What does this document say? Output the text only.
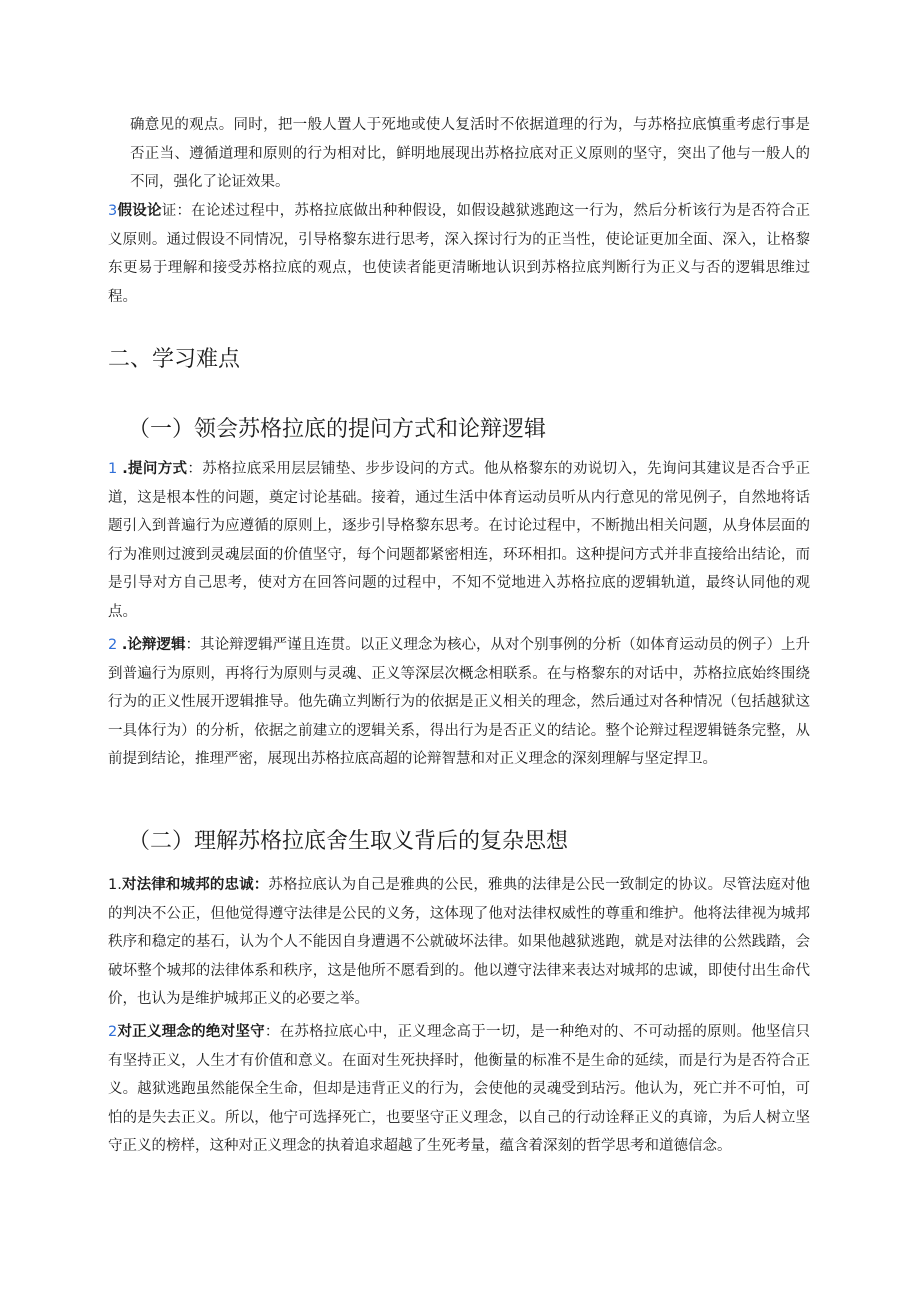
确意见的观点。同时，把一般人置人于死地或使人复活时不依据道理的行为，与苏格拉底慎重考虑行事是否正当、遵循道理和原则的行为相对比，鲜明地展现出苏格拉底对正义原则的坚守，突出了他与一般人的不同，强化了论证效果。

3假设论证：在论述过程中，苏格拉底做出种种假设，如假设越狱逃跑这一行为，然后分析该行为是否符合正义原则。通过假设不同情况，引导格黎东进行思考，深入探讨行为的正当性，使论证更加全面、深入，让格黎东更易于理解和接受苏格拉底的观点，也使读者能更清晰地认识到苏格拉底判断行为正义与否的逻辑思维过程。

二、学习难点
（一）领会苏格拉底的提问方式和论辩逻辑

1 .提问方式：苏格拉底采用层层铺垫、步步设问的方式。他从格黎东的劝说切入，先询问其建议是否合乎正道，这是根本性的问题，奠定讨论基础。接着，通过生活中体育运动员听从内行意见的常见例子，自然地将话题引入到普遍行为应遵循的原则上，逐步引导格黎东思考。在讨论过程中，不断抛出相关问题，从身体层面的行为准则过渡到灵魂层面的价值坚守，每个问题都紧密相连，环环相扣。这种提问方式并非直接给出结论，而是引导对方自己思考，使对方在回答问题的过程中，不知不觉地进入苏格拉底的逻辑轨道，最终认同他的观点。

2 .论辩逻辑：其论辩逻辑严谨且连贯。以正义理念为核心，从对个别事例的分析（如体育运动员的例子）上升到普遍行为原则，再将行为原则与灵魂、正义等深层次概念相联系。在与格黎东的对话中，苏格拉底始终围绕行为的正义性展开逻辑推导。他先确立判断行为的依据是正义相关的理念，然后通过对各种情况（包括越狱这一具体行为）的分析，依据之前建立的逻辑关系，得出行为是否正义的结论。整个论辩过程逻辑链条完整，从前提到结论，推理严密，展现出苏格拉底高超的论辩智慧和对正义理念的深刻理解与坚定捍卫。

（二）理解苏格拉底舍生取义背后的复杂思想

1.对法律和城邦的忠诚：苏格拉底认为自己是雅典的公民，雅典的法律是公民一致制定的协议。尽管法庭对他的判决不公正，但他觉得遵守法律是公民的义务，这体现了他对法律权威性的尊重和维护。他将法律视为城邦秩序和稳定的基石，认为个人不能因自身遭遇不公就破坏法律。如果他越狱逃跑，就是对法律的公然践踏，会破坏整个城邦的法律体系和秩序，这是他所不愿看到的。他以遵守法律来表达对城邦的忠诚，即使付出生命代价，也认为是维护城邦正义的必要之举。

2对正义理念的绝对坚守：在苏格拉底心中，正义理念高于一切，是一种绝对的、不可动摇的原则。他坚信只有坚持正义，人生才有价值和意义。在面对生死抉择时，他衡量的标准不是生命的延续，而是行为是否符合正义。越狱逃跑虽然能保全生命，但却是违背正义的行为，会使他的灵魂受到玷污。他认为，死亡并不可怕，可怕的是失去正义。所以，他宁可选择死亡，也要坚守正义理念，以自己的行动诠释正义的真谛，为后人树立坚守正义的榜样，这种对正义理念的执着追求超越了生死考量，蕴含着深刻的哲学思考和道德信念。
